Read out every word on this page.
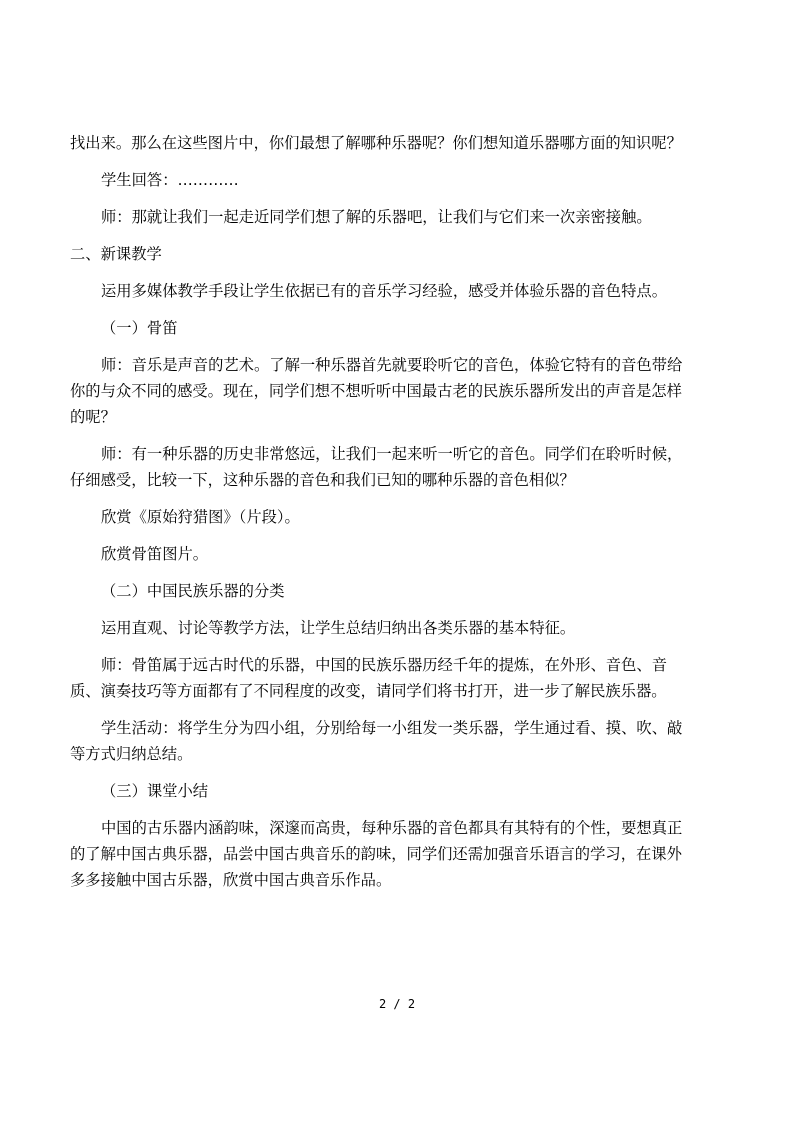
找出来。那么在这些图片中，你们最想了解哪种乐器呢？你们想知道乐器哪方面的知识呢？

学生回答：…………

师：那就让我们一起走近同学们想了解的乐器吧，让我们与它们来一次亲密接触。

二、新课教学

运用多媒体教学手段让学生依据已有的音乐学习经验，感受并体验乐器的音色特点。

（一）骨笛

师：音乐是声音的艺术。了解一种乐器首先就要聆听它的音色，体验它特有的音色带给

你的与众不同的感受。现在，同学们想不想听听中国最古老的民族乐器所发出的声音是怎样

的呢？

师：有一种乐器的历史非常悠远，让我们一起来听一听它的音色。同学们在聆听时候，

仔细感受，比较一下，这种乐器的音色和我们已知的哪种乐器的音色相似？

欣赏《原始狩猎图》（片段）。

欣赏骨笛图片。

（二）中国民族乐器的分类

运用直观、讨论等教学方法，让学生总结归纳出各类乐器的基本特征。

师：骨笛属于远古时代的乐器，中国的民族乐器历经千年的提炼，在外形、音色、音

质、演奏技巧等方面都有了不同程度的改变，请同学们将书打开，进一步了解民族乐器。

学生活动：将学生分为四小组，分别给每一小组发一类乐器，学生通过看、摸、吹、敲

等方式归纳总结。

（三）课堂小结

中国的古乐器内涵韵味，深邃而高贵，每种乐器的音色都具有其特有的个性，要想真正

的了解中国古典乐器，品尝中国古典音乐的韵味，同学们还需加强音乐语言的学习，在课外

多多接触中国古乐器，欣赏中国古典音乐作品。

2 / 2
